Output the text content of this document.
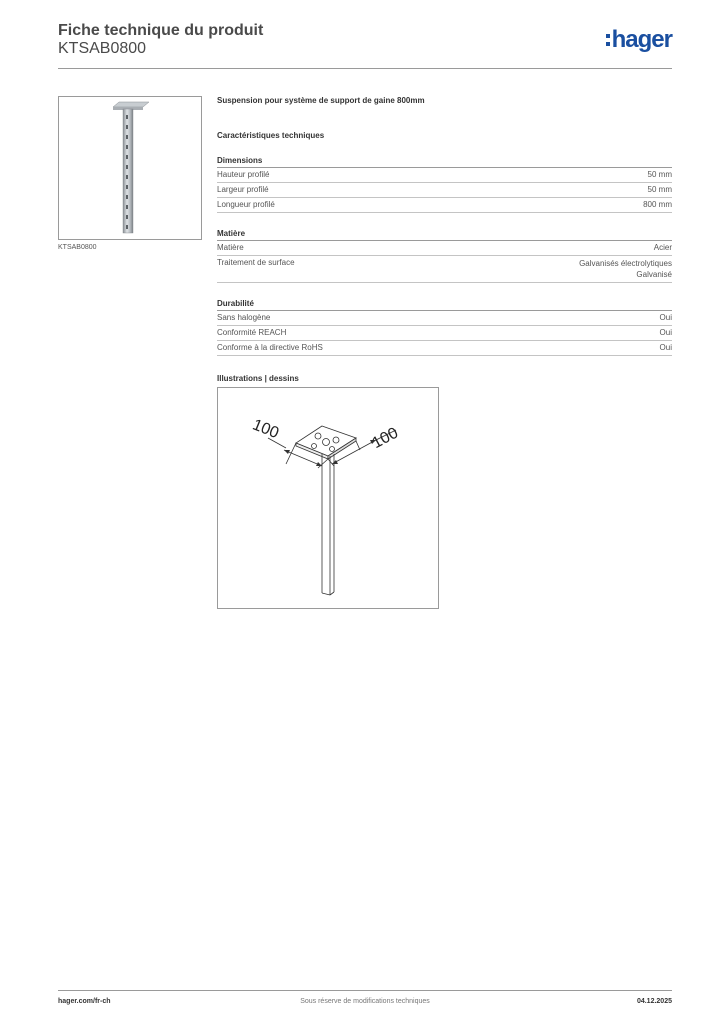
Fiche technique du produit
KTSAB0800	hager
KTSAB0800
Suspension pour système de support de gaine 800mm
Caractéristiques techniques
Dimensions
Hauteur profilé	50 mm
Largeur profilé	50 mm
Longueur profilé	800 mm
Matière
Matière	Acier
Traitement de surface	Galvanisés électrolytiques
Galvanisé
Durabilité
Sans halogène	Oui
Conformité REACH	Oui
Conforme à la directive RoHS	Oui
Illustrations | dessins
100	100
hager.com/fr-ch	Sous réserve de modifications techniques	04.12.2025
